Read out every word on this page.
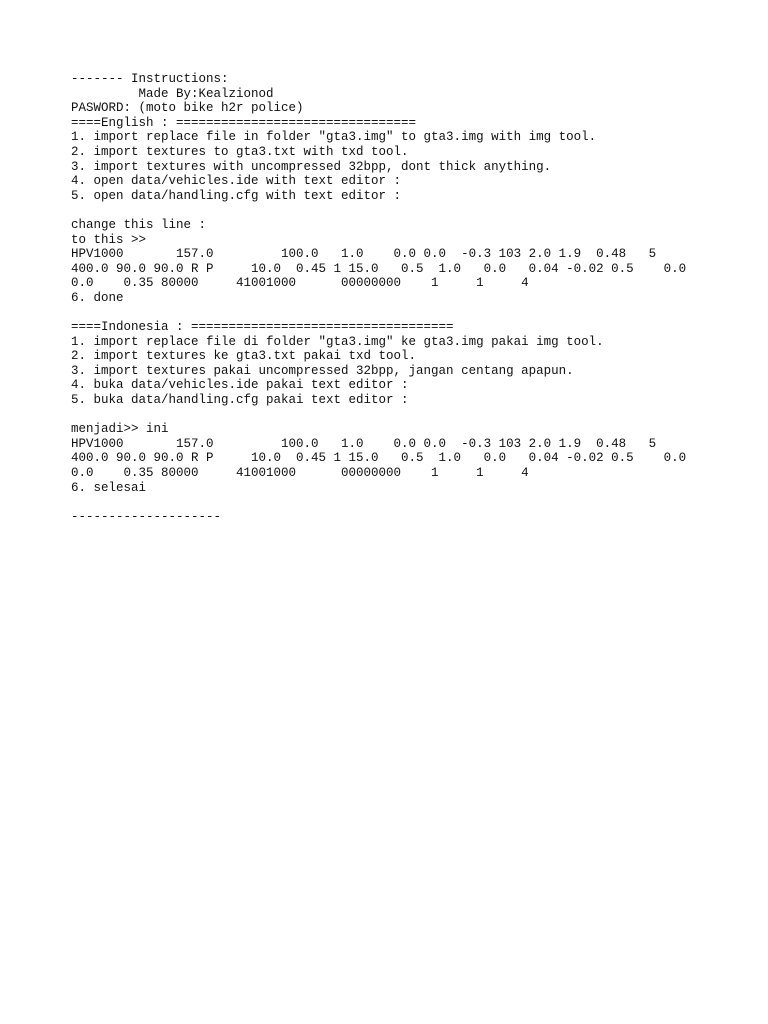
------- Instructions:
Made By:Kealzionod
PASWORD: (moto bike h2r police)
====English : ================================
1. import replace file in folder "gta3.img" to gta3.img with img tool.
2. import textures to gta3.txt with txd tool.
3. import textures with uncompressed 32bpp, dont thick anything.
4. open data/vehicles.ide with text editor :
5. open data/handling.cfg with text editor :
change this line :
to this >>
HPV1000       157.0         100.0   1.0    0.0 0.0  -0.3 103 2.0 1.9  0.48   5
400.0 90.0 90.0 R P     10.0  0.45 1 15.0   0.5  1.0   0.0   0.04 -0.02 0.5    0.0
0.0    0.35 80000     41001000      00000000    1     1     4
6. done
====Indonesia : ===================================
1. import replace file di folder "gta3.img" ke gta3.img pakai img tool.
2. import textures ke gta3.txt pakai txd tool.
3. import textures pakai uncompressed 32bpp, jangan centang apapun.
4. buka data/vehicles.ide pakai text editor :
5. buka data/handling.cfg pakai text editor :
menjadi>> ini
HPV1000       157.0         100.0   1.0    0.0 0.0  -0.3 103 2.0 1.9  0.48   5
400.0 90.0 90.0 R P     10.0  0.45 1 15.0   0.5  1.0   0.0   0.04 -0.02 0.5    0.0
0.0    0.35 80000     41001000      00000000    1     1     4
6. selesai
--------------------
